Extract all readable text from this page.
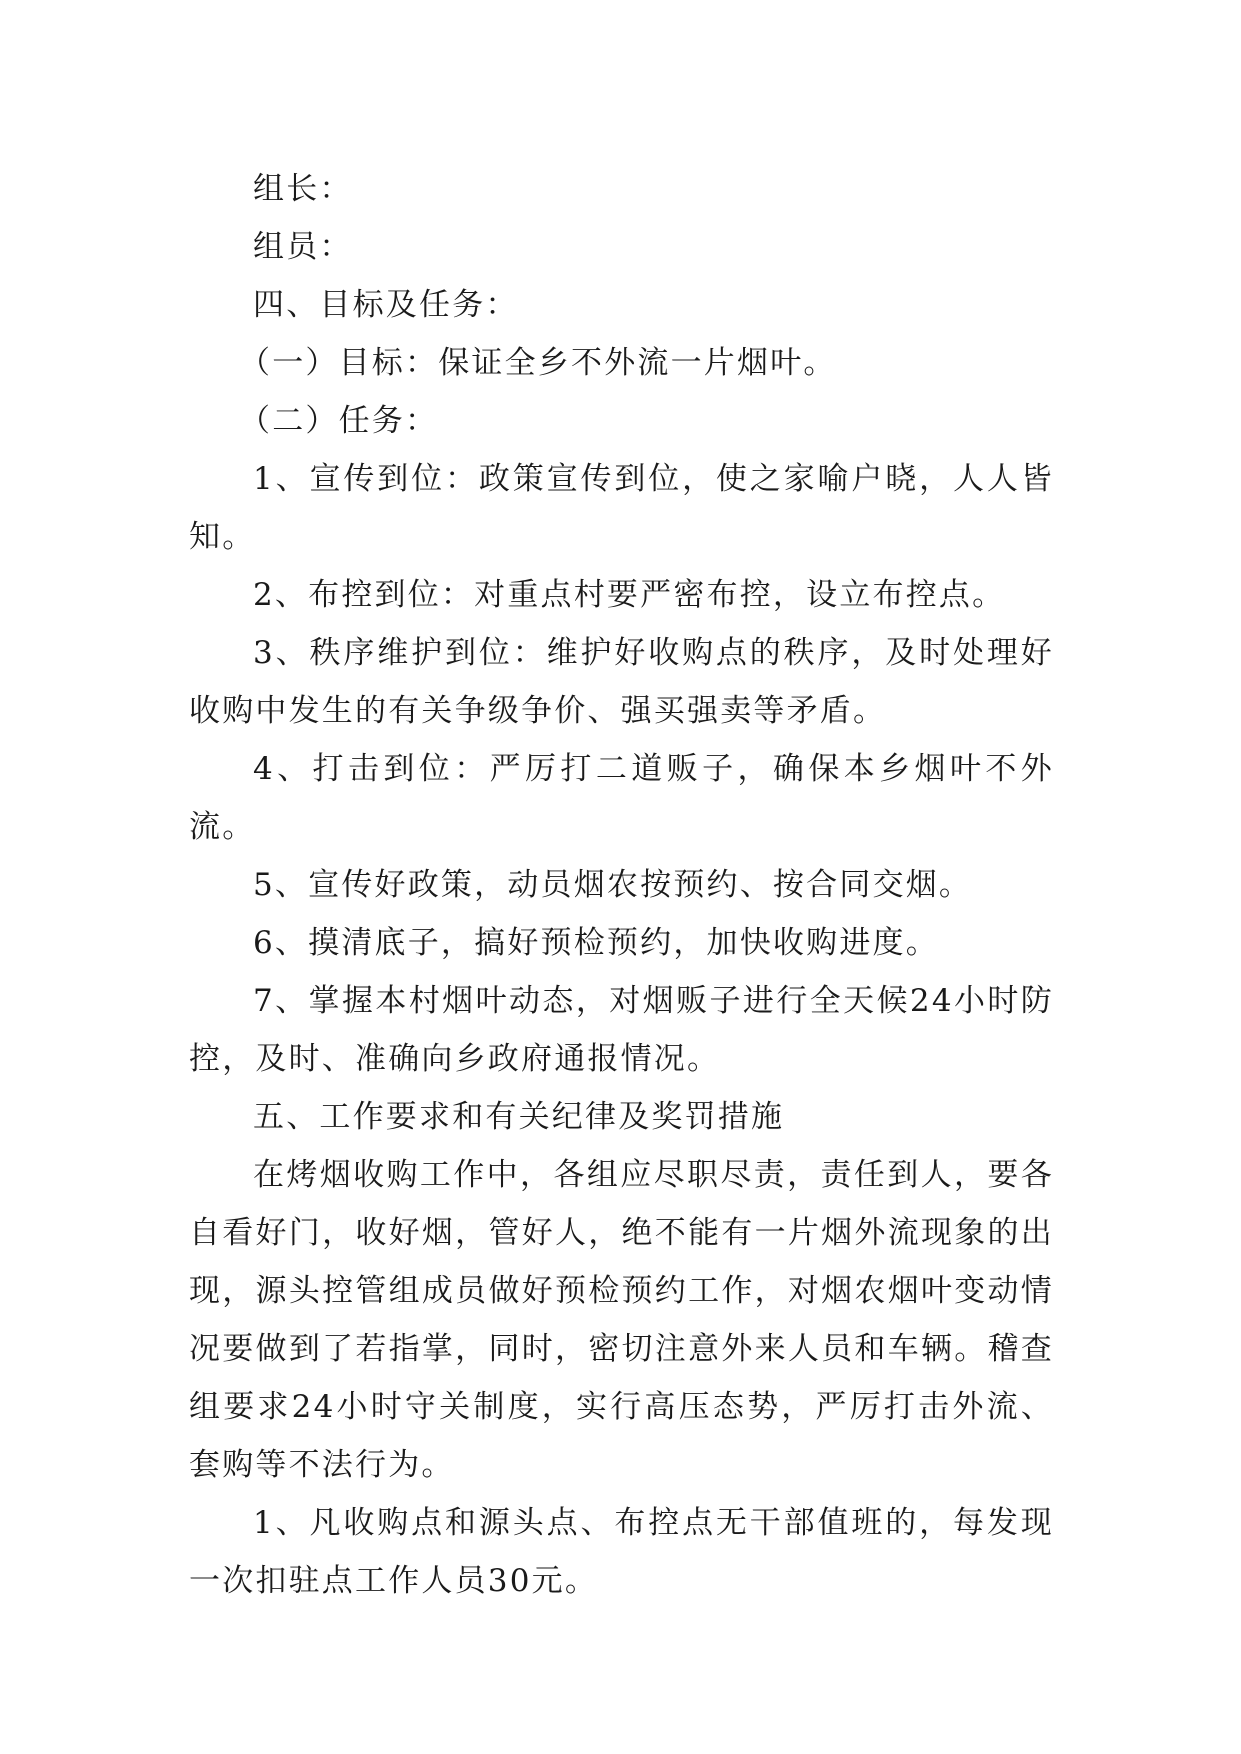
组长：

组员：

四、目标及任务：

（一）目标：保证全乡不外流一片烟叶。

（二）任务：

1、宣传到位：政策宣传到位，使之家喻户晓，人人皆知。

2、布控到位：对重点村要严密布控，设立布控点。

3、秩序维护到位：维护好收购点的秩序，及时处理好收购中发生的有关争级争价、强买强卖等矛盾。

4、打击到位：严厉打二道贩子，确保本乡烟叶不外流。

5、宣传好政策，动员烟农按预约、按合同交烟。

6、摸清底子，搞好预检预约，加快收购进度。

7、掌握本村烟叶动态，对烟贩子进行全天候24小时防控，及时、准确向乡政府通报情况。

五、工作要求和有关纪律及奖罚措施

在烤烟收购工作中，各组应尽职尽责，责任到人，要各自看好门，收好烟，管好人，绝不能有一片烟外流现象的出现，源头控管组成员做好预检预约工作，对烟农烟叶变动情况要做到了若指掌，同时，密切注意外来人员和车辆。稽查组要求24小时守关制度，实行高压态势，严厉打击外流、套购等不法行为。

1、凡收购点和源头点、布控点无干部值班的，每发现一次扣驻点工作人员30元。
